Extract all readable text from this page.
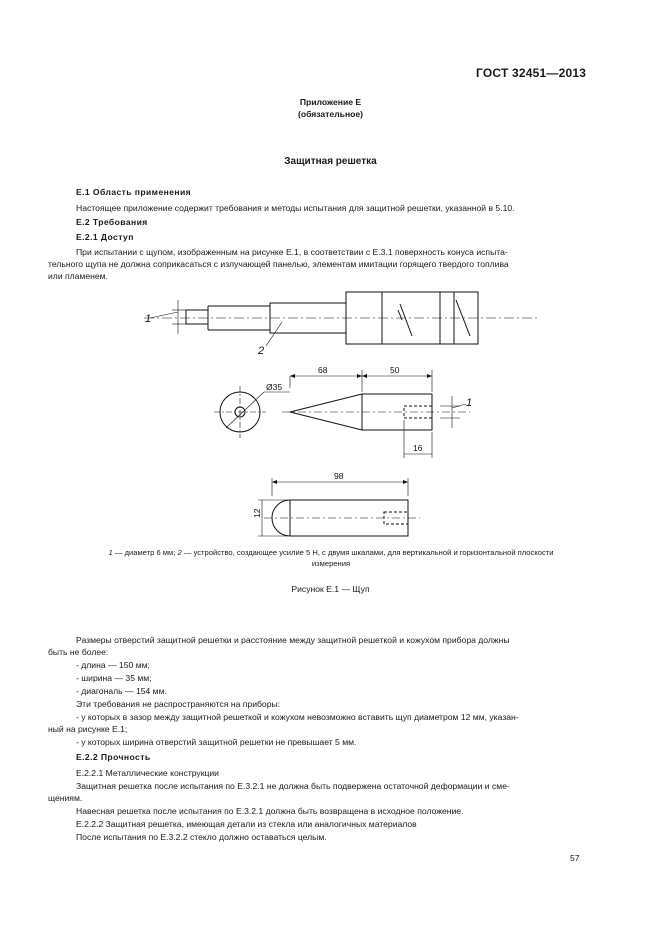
ГОСТ 32451—2013
Приложение Е
(обязательное)
Защитная решетка
Е.1 Область применения
Настоящее приложение содержит требования и методы испытания для защитной решетки, указанной в 5.10.
Е.2 Требования
Е.2.1 Доступ
При испытании с щупом, изображенным на рисунке Е.1, в соответствии с Е.3.1 поверхность конуса испыта-
тельного щупа не должна соприкасаться с излучающей панелью, элементам имитации горящего твердого топлива
или пламенем.
1
2
Ø35
68	50
16
1
98
12
1 — диаметр 6 мм; 2 — устройство, создающее усилие 5 Н, с двумя шкалами, для вертикальной и горизонтальной плоскости
измерения
Рисунок Е.1 — Щуп
Размеры отверстий защитной решетки и расстояние между защитной решеткой и кожухом прибора должны
быть не более:
- длина — 150 мм;
- ширина — 35 мм;
- диагональ — 154 мм.
Эти требования не распространяются на приборы:
- у которых в зазор между защитной решеткой и кожухом невозможно вставить щуп диаметром 12 мм, указан-
ный на рисунке Е.1;
- у которых ширина отверстий защитной решетки не превышает 5 мм.
Е.2.2 Прочность
Е.2.2.1 Металлические конструкции
Защитная решетка после испытания по Е.3.2.1 не должна быть подвержена остаточной деформации и сме-
щениям.
Навесная решетка после испытания по Е.3.2.1 должна быть возвращена в исходное положение.
Е.2.2.2 Защитная решетка, имеющая детали из стекла или аналогичных материалов
После испытания по Е.3.2.2 стекло должно оставаться целым.
57
